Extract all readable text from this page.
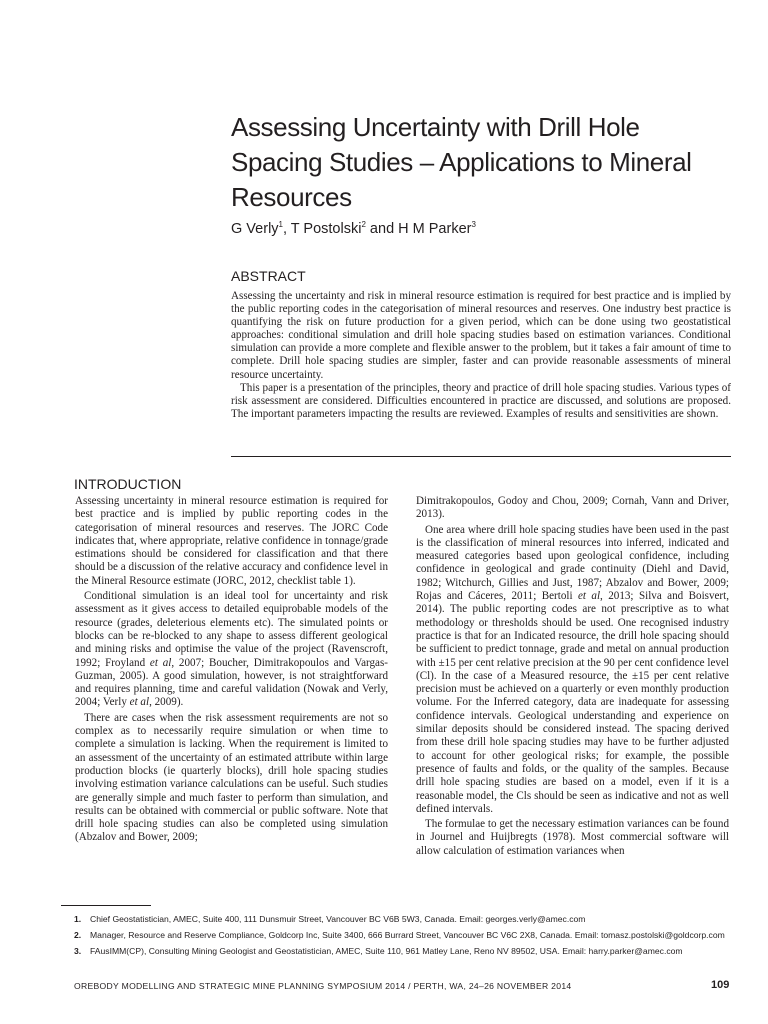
Assessing Uncertainty with Drill Hole Spacing Studies – Applications to Mineral Resources

G Verly$^1$, T Postolski$^2$ and H M Parker$^3$

ABSTRACT

Assessing the uncertainty and risk in mineral resource estimation is required for best practice and is implied by the public reporting codes in the categorisation of mineral resources and reserves. One industry best practice is quantifying the risk on future production for a given period, which can be done using two geostatistical approaches: conditional simulation and drill hole spacing studies based on estimation variances. Conditional simulation can provide a more complete and flexible answer to the problem, but it takes a fair amount of time to complete. Drill hole spacing studies are simpler, faster and can provide reasonable assessments of mineral resource uncertainty.

This paper is a presentation of the principles, theory and practice of drill hole spacing studies. Various types of risk assessment are considered. Difficulties encountered in practice are discussed, and solutions are proposed. The important parameters impacting the results are reviewed. Examples of results and sensitivities are shown.

INTRODUCTION

Assessing uncertainty in mineral resource estimation is required for best practice and is implied by public reporting codes in the categorisation of mineral resources and reserves. The JORC Code indicates that, where appropriate, relative confidence in tonnage/grade estimations should be considered for classification and that there should be a discussion of the relative accuracy and confidence level in the Mineral Resource estimate (JORC, 2012, checklist table 1).

Conditional simulation is an ideal tool for uncertainty and risk assessment as it gives access to detailed equiprobable models of the resource (grades, deleterious elements etc). The simulated points or blocks can be re-blocked to any shape to assess different geological and mining risks and optimise the value of the project (Ravenscroft, 1992; Froyland et al, 2007; Boucher, Dimitrakopoulos and Vargas-Guzman, 2005). A good simulation, however, is not straightforward and requires planning, time and careful validation (Nowak and Verly, 2004; Verly et al, 2009).

There are cases when the risk assessment requirements are not so complex as to necessarily require simulation or when time to complete a simulation is lacking. When the requirement is limited to an assessment of the uncertainty of an estimated attribute within large production blocks (ie quarterly blocks), drill hole spacing studies involving estimation variance calculations can be useful. Such studies are generally simple and much faster to perform than simulation, and results can be obtained with commercial or public software. Note that drill hole spacing studies can also be completed using simulation (Abzalov and Bower, 2009;

Dimitrakopoulos, Godoy and Chou, 2009; Cornah, Vann and Driver, 2013).

One area where drill hole spacing studies have been used in the past is the classification of mineral resources into inferred, indicated and measured categories based upon geological confidence, including confidence in geological and grade continuity (Diehl and David, 1982; Witchurch, Gillies and Just, 1987; Abzalov and Bower, 2009; Rojas and Cáceres, 2011; Bertoli et al, 2013; Silva and Boisvert, 2014). The public reporting codes are not prescriptive as to what methodology or thresholds should be used. One recognised industry practice is that for an Indicated resource, the drill hole spacing should be sufficient to predict tonnage, grade and metal on annual production with ±15 per cent relative precision at the 90 per cent confidence level (Cl). In the case of a Measured resource, the ±15 per cent relative precision must be achieved on a quarterly or even monthly production volume. For the Inferred category, data are inadequate for assessing confidence intervals. Geological understanding and experience on similar deposits should be considered instead. The spacing derived from these drill hole spacing studies may have to be further adjusted to account for other geological risks; for example, the possible presence of faults and folds, or the quality of the samples. Because drill hole spacing studies are based on a model, even if it is a reasonable model, the Cls should be seen as indicative and not as well defined intervals.

The formulae to get the necessary estimation variances can be found in Journel and Huijbregts (1978). Most commercial software will allow calculation of estimation variances when

1.	Chief Geostatistician, AMEC, Suite 400, 111 Dunsmuir Street, Vancouver BC V6B 5W3, Canada. Email: georges.verly@amec.com
2.	Manager, Resource and Reserve Compliance, Goldcorp Inc, Suite 3400, 666 Burrard Street, Vancouver BC V6C 2X8, Canada. Email: tomasz.postolski@goldcorp.com
3.	FAusIMM(CP), Consulting Mining Geologist and Geostatistician, AMEC, Suite 110, 961 Matley Lane, Reno NV 89502, USA. Email: harry.parker@amec.com
OREBODY MODELLING AND STRATEGIC MINE PLANNING SYMPOSIUM 2014 / PERTH, WA, 24–26 NOVEMBER 2014	109
